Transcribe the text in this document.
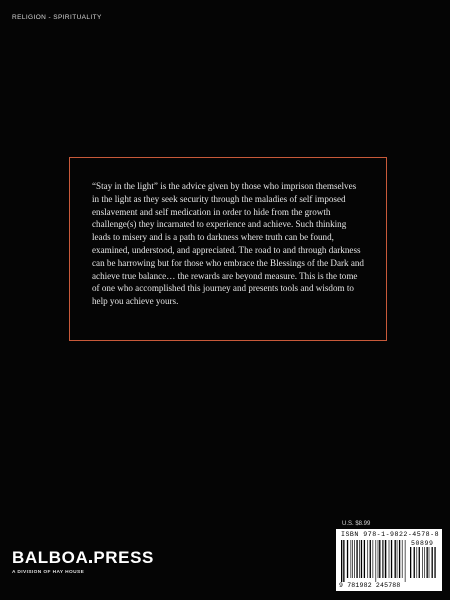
RELIGION - SPIRITUALITY
“Stay in the light” is the advice given by those who imprison themselves
in the light as they seek security through the maladies of self imposed
enslavement and self medication in order to hide from the growth
challenge(s) they incarnated to experience and achieve. Such thinking
leads to misery and is a path to darkness where truth can be found,
examined, understood, and appreciated. The road to and through darkness
can be harrowing but for those who embrace the Blessings of the Dark and
achieve true balance… the rewards are beyond measure. This is the tome
of one who accomplished this journey and presents tools and wisdom to
help you achieve yours.
BALBOA PRESS
A DIVISION OF HAY HOUSE
U.S. $8.99
ISBN 978-1-9822-4578-8
50899
9 781982 245788
